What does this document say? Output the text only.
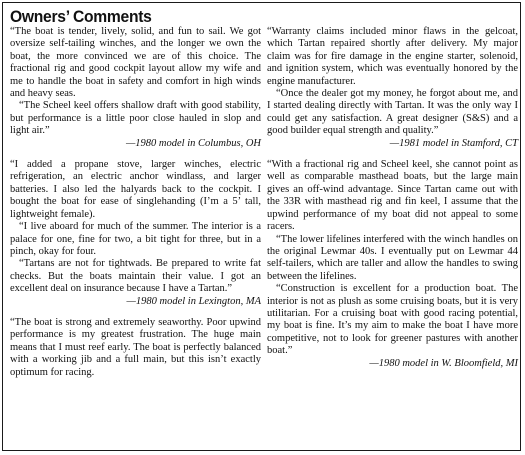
Owners’ Comments

“The boat is tender, lively, solid, and fun to sail. We got oversize self-tailing winches, and the longer we own the boat, the more convinced we are of this choice. The fractional rig and good cockpit layout allow my wife and me to handle the boat in safety and comfort in high winds and heavy seas.

“The Scheel keel offers shallow draft with good stability, but performance is a little poor close hauled in slop and light air.”

—1980 model in Columbus, OH

“I added a propane stove, larger winches, electric refrigeration, an electric anchor windlass, and larger batteries. I also led the halyards back to the cockpit. I bought the boat for ease of singlehanding (I’m a 5’ tall, lightweight female).

“I live aboard for much of the summer. The interior is a palace for one, fine for two, a bit tight for three, but in a pinch, okay for four.

“Tartans are not for tightwads. Be prepared to write fat checks. But the boats maintain their value. I got an excellent deal on insurance because I have a Tartan.”

—1980 model in Lexington, MA

“The boat is strong and extremely seaworthy. Poor upwind performance is my greatest frustration. The huge main means that I must reef early. The boat is perfectly balanced with a working jib and a full main, but this isn’t exactly optimum for racing.

“Warranty claims included minor flaws in the gelcoat, which Tartan repaired shortly after delivery. My major claim was for fire damage in the engine starter, solenoid, and ignition system, which was eventually honored by the engine manufacturer.

“Once the dealer got my money, he forgot about me, and I started dealing directly with Tartan. It was the only way I could get any satisfaction. A great designer (S&S) and a good builder equal strength and quality.”

—1981 model in Stamford, CT

“With a fractional rig and Scheel keel, she cannot point as well as comparable masthead boats, but the large main gives an off-wind advantage. Since Tartan came out with the 33R with masthead rig and fin keel, I assume that the upwind performance of my boat did not appeal to some racers.

“The lower lifelines interfered with the winch handles on the original Lewmar 40s. I eventually put on Lewmar 44 self-tailers, which are taller and allow the handles to swing between the lifelines.

“Construction is excellent for a production boat. The interior is not as plush as some cruising boats, but it is very utilitarian. For a cruising boat with good racing potential, my boat is fine. It’s my aim to make the boat I have more competitive, not to look for greener pastures with another boat.”

—1980 model in W. Bloomfield, MI
